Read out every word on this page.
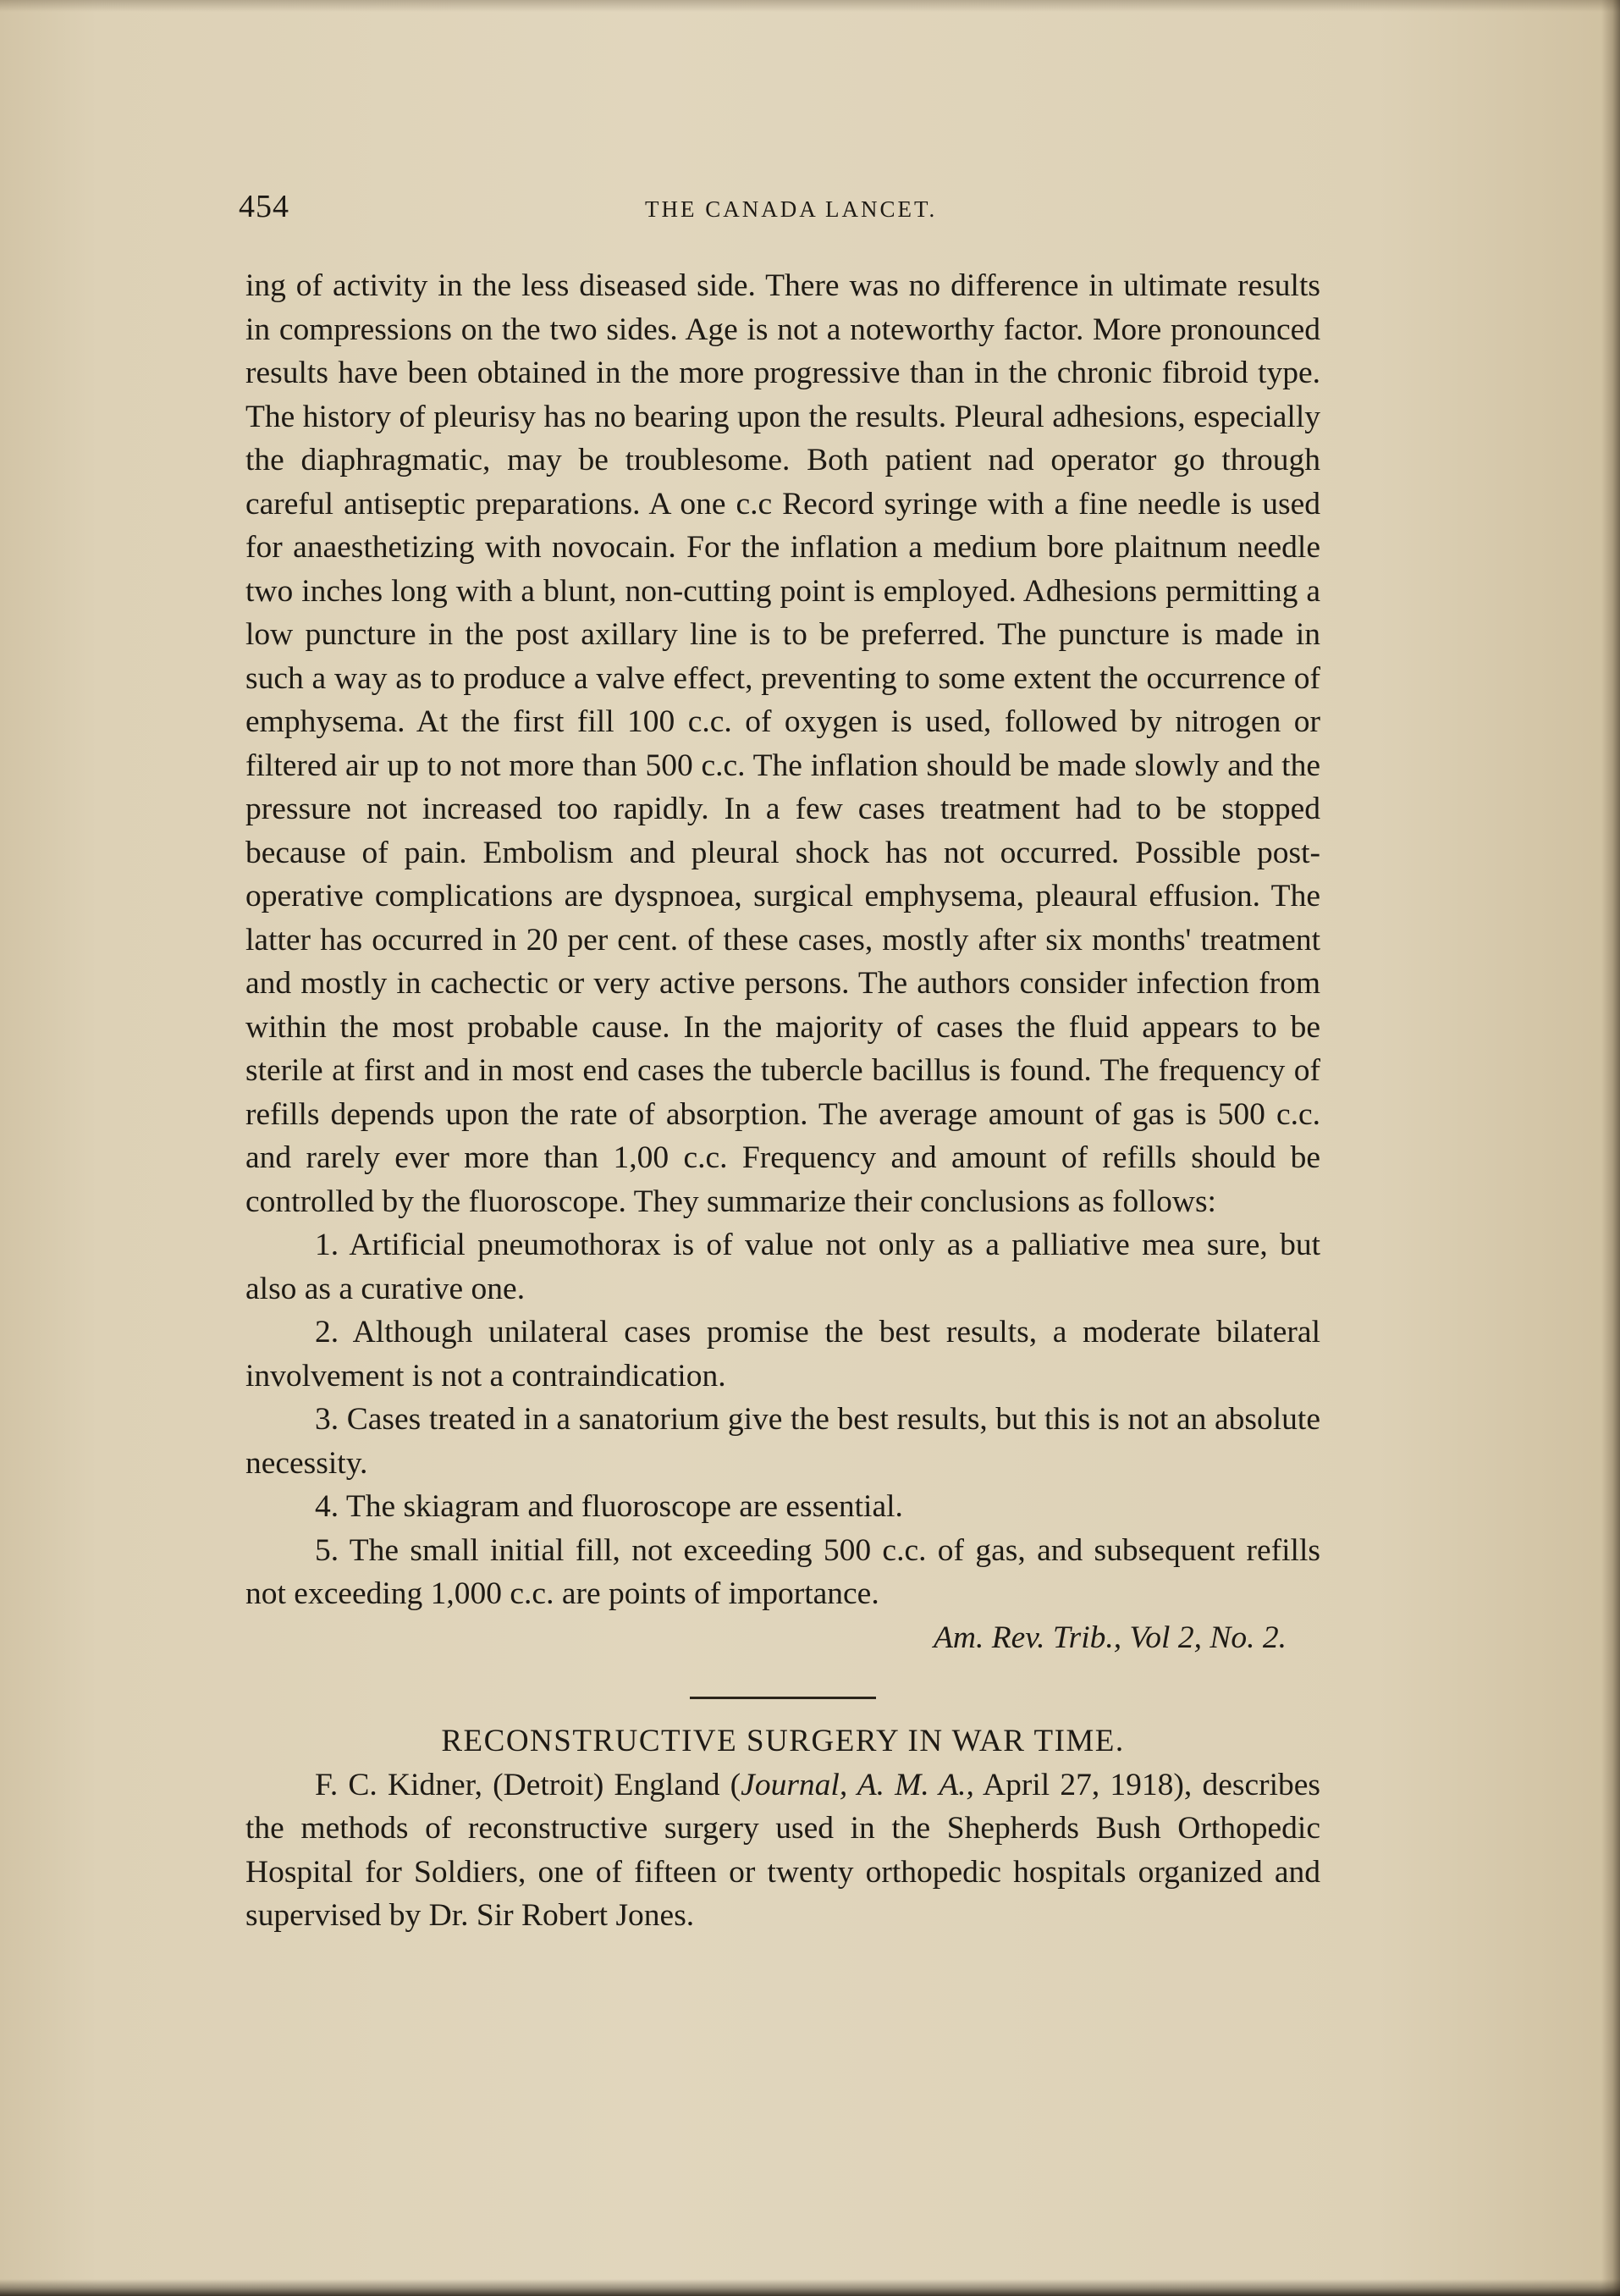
454	THE CANADA LANCET.

ing of activity in the less diseased side. There was no difference in ultimate results in compressions on the two sides. Age is not a noteworthy factor. More pronounced results have been obtained in the more progressive than in the chronic fibroid type. The history of pleurisy has no bearing upon the results. Pleural adhesions, especially the diaphragmatic, may be troublesome. Both patient nad operator go through careful antiseptic preparations. A one c.c Record syringe with a fine needle is used for anaesthetizing with novocain. For the inflation a medium bore plaitnum needle two inches long with a blunt, non-cutting point is employed. Adhesions permitting a low puncture in the post axillary line is to be preferred. The puncture is made in such a way as to produce a valve effect, preventing to some extent the occurrence of emphysema. At the first fill 100 c.c. of oxygen is used, followed by nitrogen or filtered air up to not more than 500 c.c. The inflation should be made slowly and the pressure not increased too rapidly. In a few cases treatment had to be stopped because of pain. Embolism and pleural shock has not occurred. Possible post-operative complications are dyspnoea, surgical emphysema, pleaural effusion. The latter has occurred in 20 per cent. of these cases, mostly after six months' treatment and mostly in cachectic or very active persons. The authors consider infection from within the most probable cause. In the majority of cases the fluid appears to be sterile at first and in most end cases the tubercle bacillus is found. The frequency of refills depends upon the rate of absorption. The average amount of gas is 500 c.c. and rarely ever more than 1,00 c.c. Frequency and amount of refills should be controlled by the fluoroscope. They summarize their conclusions as follows:

1. Artificial pneumothorax is of value not only as a palliative mea sure, but also as a curative one.

2. Although unilateral cases promise the best results, a moderate bilateral involvement is not a contraindication.

3. Cases treated in a sanatorium give the best results, but this is not an absolute necessity.

4. The skiagram and fluoroscope are essential.

5. The small initial fill, not exceeding 500 c.c. of gas, and subsequent refills not exceeding 1,000 c.c. are points of importance.

Am. Rev. Trib., Vol 2, No. 2.

RECONSTRUCTIVE SURGERY IN WAR TIME.

F. C. Kidner, (Detroit) England (Journal, A. M. A., April 27, 1918), describes the methods of reconstructive surgery used in the Shepherds Bush Orthopedic Hospital for Soldiers, one of fifteen or twenty orthopedic hospitals organized and supervised by Dr. Sir Robert Jones.
